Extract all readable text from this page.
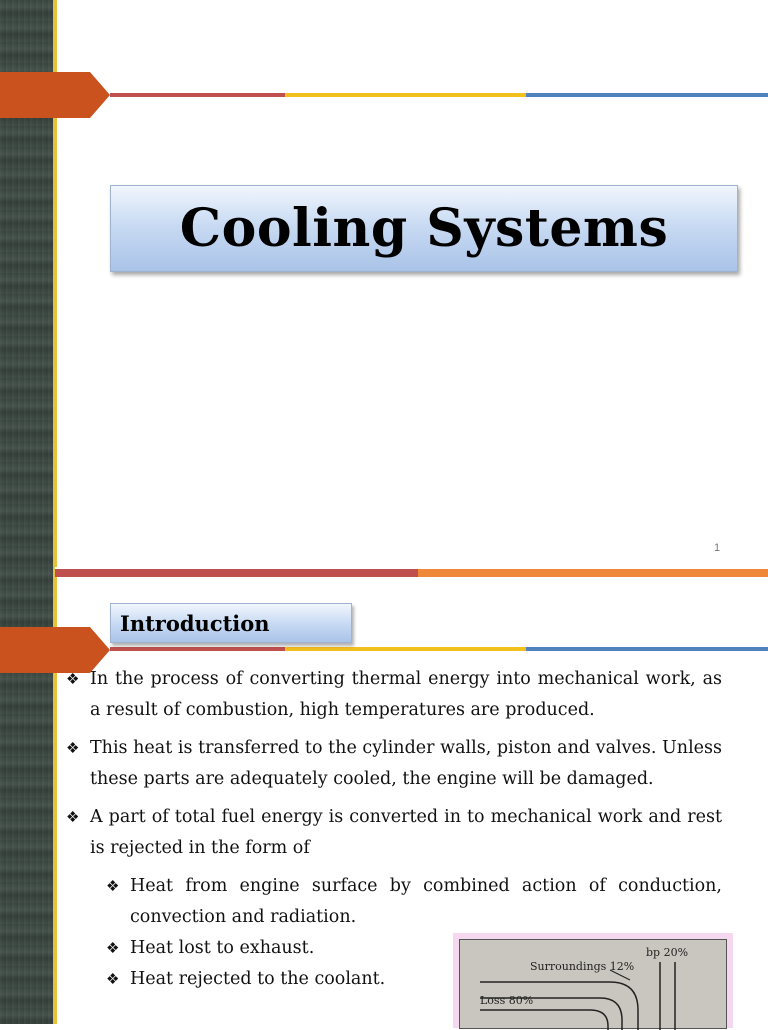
Cooling Systems
1
Introduction
❖ In the process of converting thermal energy into mechanical work, as a result of combustion, high temperatures are produced.
❖ This heat is transferred to the cylinder walls, piston and valves. Unless these parts are adequately cooled, the engine will be damaged.
❖ A part of total fuel energy is converted in to mechanical work and rest is rejected in the form of
❖ Heat from engine surface by combined action of conduction, convection and radiation.
❖ Heat lost to exhaust.
❖ Heat rejected to the coolant.
bp 20%
Surroundings 12%
Loss 80%
